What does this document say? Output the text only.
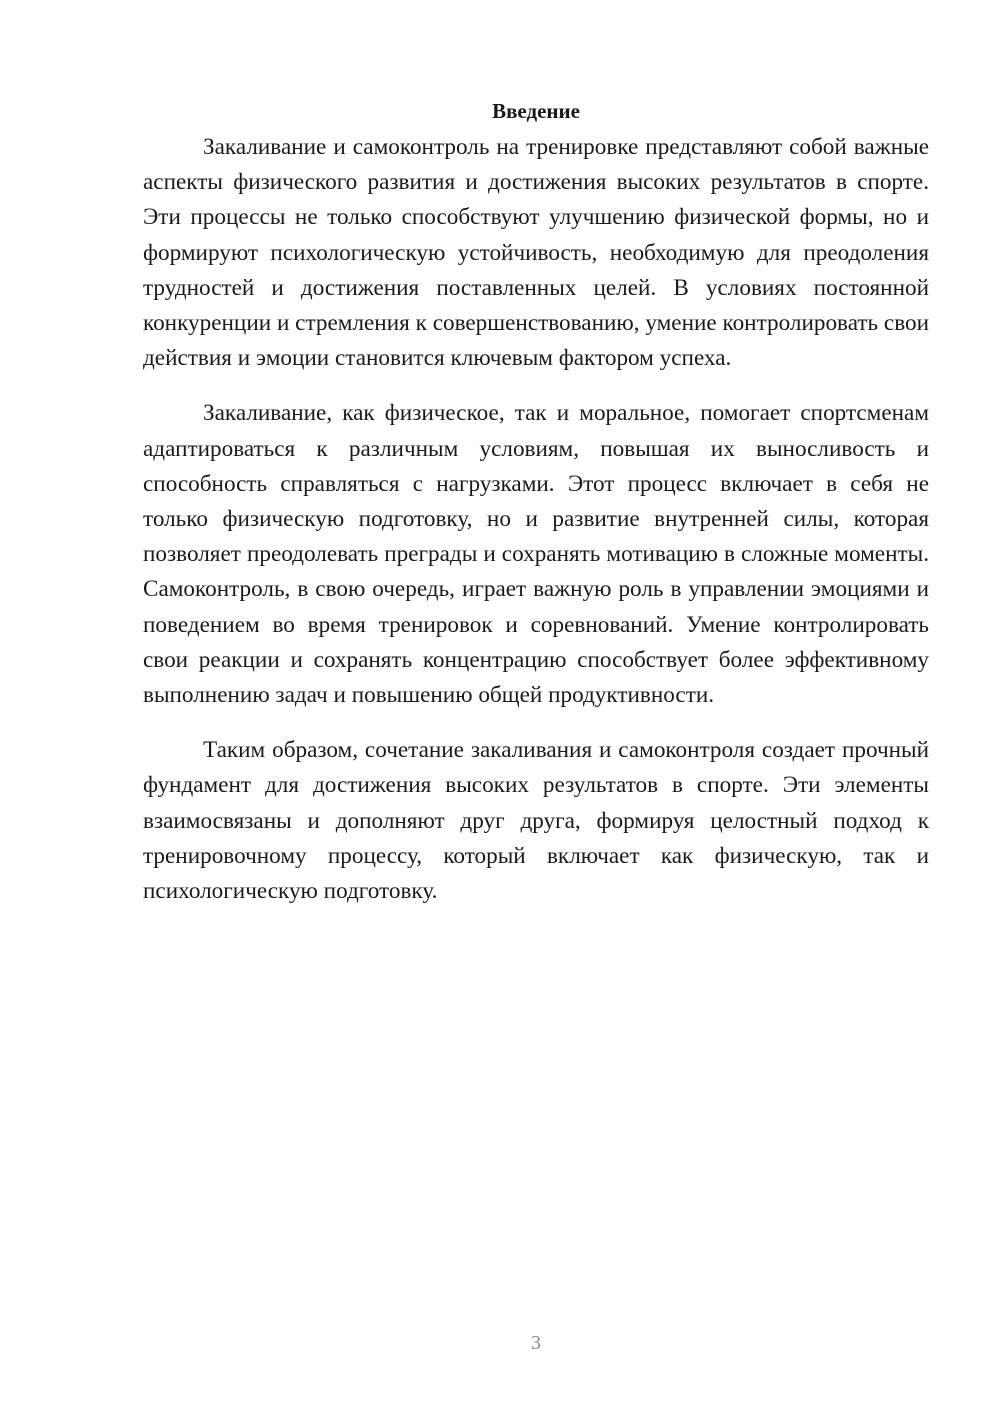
Введение

Закаливание и самоконтроль на тренировке представляют собой важные аспекты физического развития и достижения высоких результатов в спорте. Эти процессы не только способствуют улучшению физической формы, но и формируют психологическую устойчивость, необходимую для преодоления трудностей и достижения поставленных целей. В условиях постоянной конкуренции и стремления к совершенствованию, умение контролировать свои действия и эмоции становится ключевым фактором успеха.

Закаливание, как физическое, так и моральное, помогает спортсменам адаптироваться к различным условиям, повышая их выносливость и способность справляться с нагрузками. Этот процесс включает в себя не только физическую подготовку, но и развитие внутренней силы, которая позволяет преодолевать преграды и сохранять мотивацию в сложные моменты. Самоконтроль, в свою очередь, играет важную роль в управлении эмоциями и поведением во время тренировок и соревнований. Умение контролировать свои реакции и сохранять концентрацию способствует более эффективному выполнению задач и повышению общей продуктивности.

Таким образом, сочетание закаливания и самоконтроля создает прочный фундамент для достижения высоких результатов в спорте. Эти элементы взаимосвязаны и дополняют друг друга, формируя целостный подход к тренировочному процессу, который включает как физическую, так и психологическую подготовку.

3
